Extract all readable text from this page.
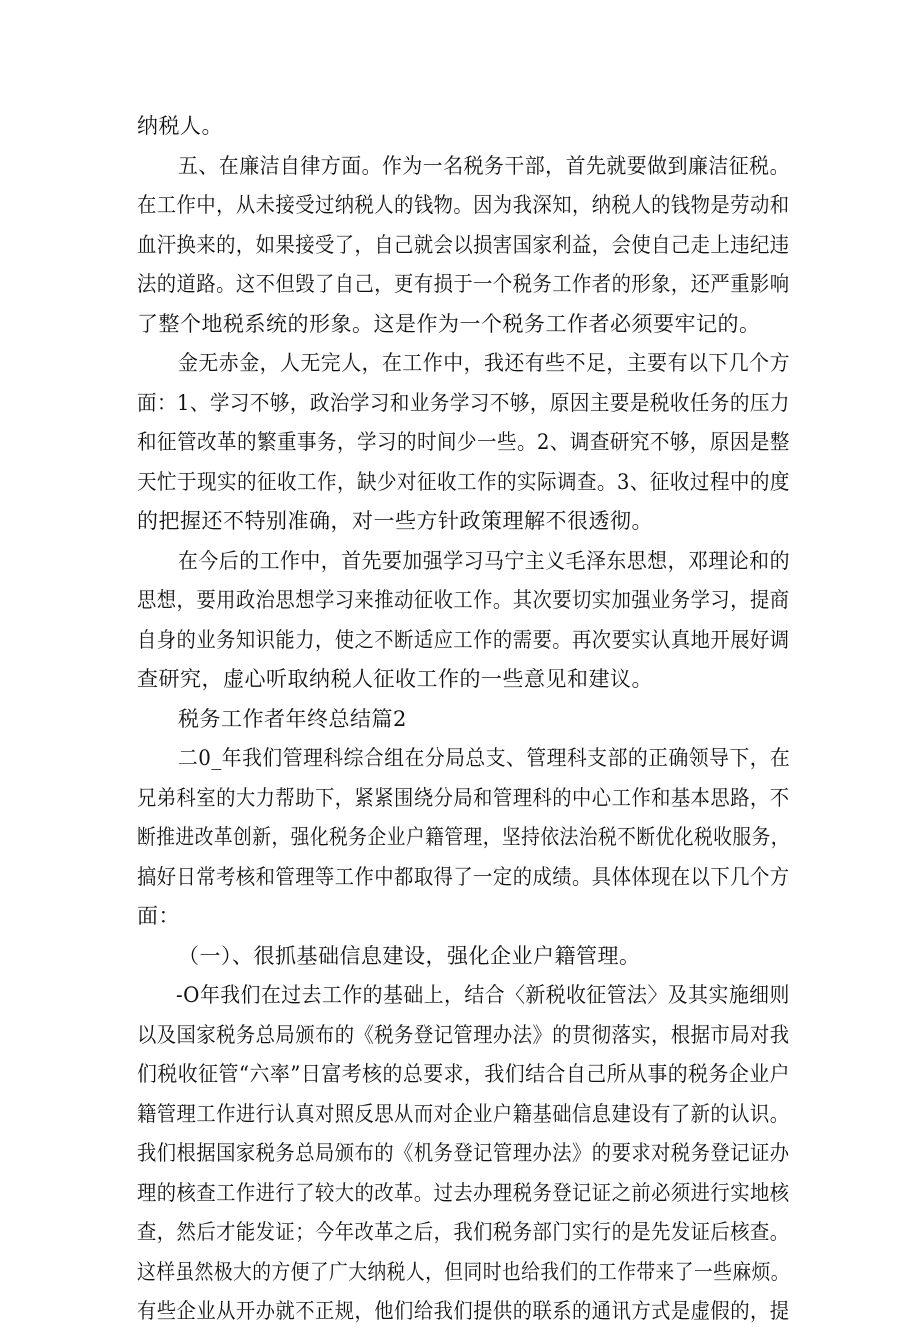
纳税人。
五、在廉洁自律方面。作为一名税务干部，首先就要做到廉洁征税。
在工作中，从未接受过纳税人的钱物。因为我深知，纳税人的钱物是劳动和
血汗换来的，如果接受了，自己就会以损害国家利益，会使自己走上违纪违
法的道路。这不但毁了自己，更有损于一个税务工作者的形象，还严重影响
了整个地税系统的形象。这是作为一个税务工作者必须要牢记的。
金无赤金，人无完人，在工作中，我还有些不足，主要有以下几个方
面：1、学习不够，政治学习和业务学习不够，原因主要是税收任务的压力
和征管改革的繁重事务，学习的时间少一些。2、调查研究不够，原因是整
天忙于现实的征收工作，缺少对征收工作的实际调查。3、征收过程中的度
的把握还不特别准确，对一些方针政策理解不很透彻。
在今后的工作中，首先要加强学习马宁主义毛泽东思想，邓理论和的
思想，要用政治思想学习来推动征收工作。其次要切实加强业务学习，提商
自身的业务知识能力，使之不断适应工作的需要。再次要实认真地开展好调
查研究，虚心听取纳税人征收工作的一些意见和建议。
税务工作者年终总结篇2
二0_年我们管理科综合组在分局总支、管理科支部的正确领导下，在
兄弟科室的大力帮助下，紧紧围绕分局和管理科的中心工作和基本思路，不
断推进改革创新，强化税务企业户籍管理，坚持依法治税不断优化税收服务，
搞好日常考核和管理等工作中都取得了一定的成绩。具体体现在以下几个方
面：
（一）、很抓基础信息建设，强化企业户籍管理。
-O年我们在过去工作的基础上，结合〈新税收征管法〉及其实施细则
以及国家税务总局颁布的《税务登记管理办法》的贯彻落实，根据市局对我
们税收征管“六率”日富考核的总要求，我们结合自己所从事的税务企业户
籍管理工作进行认真对照反思从而对企业户籍基础信息建设有了新的认识。
我们根据国家税务总局颁布的《机务登记管理办法》的要求对税务登记证办
理的核查工作进行了较大的改革。过去办理税务登记证之前必须进行实地核
查，然后才能发证；今年改革之后，我们税务部门实行的是先发证后核查。
这样虽然极大的方便了广大纳税人，但同时也给我们的工作带来了一些麻烦。
有些企业从开办就不正规，他们给我们提供的联系的通讯方式是虚假的，提
